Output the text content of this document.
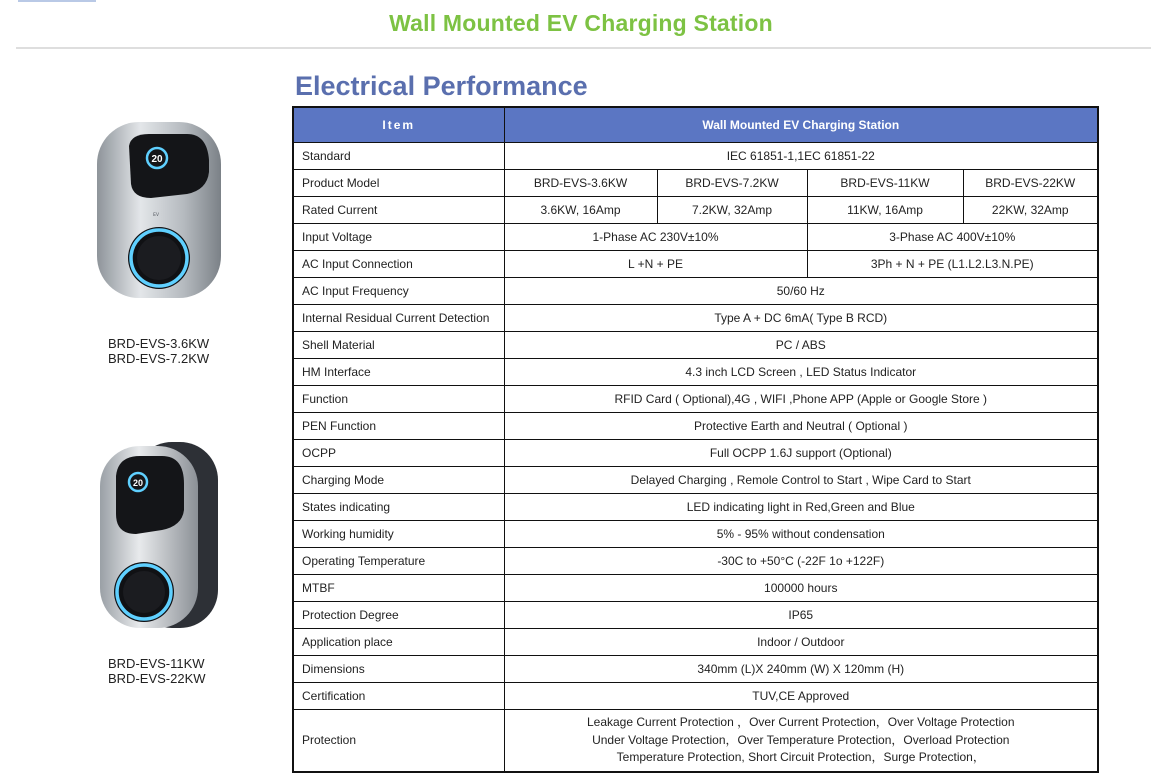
Wall Mounted EV Charging Station
Electrical Performance
20
ᴇᴠ
BRD-EVS-3.6KW
BRD-EVS-7.2KW
20
BRD-EVS-11KW
BRD-EVS-22KW
Item	Wall Mounted EV Charging Station			
Standard	IEC 61851-1,1EC 61851-22			
Product Model	BRD-EVS-3.6KW	BRD-EVS-7.2KW	BRD-EVS-11KW	BRD-EVS-22KW
Rated Current	3.6KW, 16Amp	7.2KW, 32Amp	11KW, 16Amp	22KW, 32Amp
Input Voltage	1-Phase AC 230V±10%		3-Phase AC 400V±10%	
AC Input Connection	L +N + PE		3Ph + N + PE (L1.L2.L3.N.PE)	
AC Input Frequency	50/60 Hz			
Internal Residual Current Detection	Type A + DC 6mA( Type B RCD)			
Shell Material	PC / ABS			
HM Interface	4.3 inch LCD Screen , LED Status Indicator			
Function	RFID Card ( Optional),4G , WIFI ,Phone APP (Apple or Google Store )			
PEN Function	Protective Earth and Neutral ( Optional )			
OCPP	Full OCPP 1.6J support (Optional)			
Charging Mode	Delayed Charging , Remole Control to Start , Wipe Card to Start			
States indicating	LED indicating light in Red,Green and Blue			
Working humidity	5% - 95% without condensation			
Operating Temperature	-30C to +50°C (-22F 1o +122F)			
MTBF	100000 hours			
Protection Degree	IP65			
Application place	Indoor / Outdoor			
Dimensions	340mm (L)X 240mm (W) X 120mm (H)			
Certification	TUV,CE Approved			
Protection	Leakage Current Protection ，Over Current Protection，Over Voltage Protection
Under Voltage Protection，Over Temperature Protection，Overload Protection
Temperature Protection, Short Circuit Protection，Surge Protection，			
